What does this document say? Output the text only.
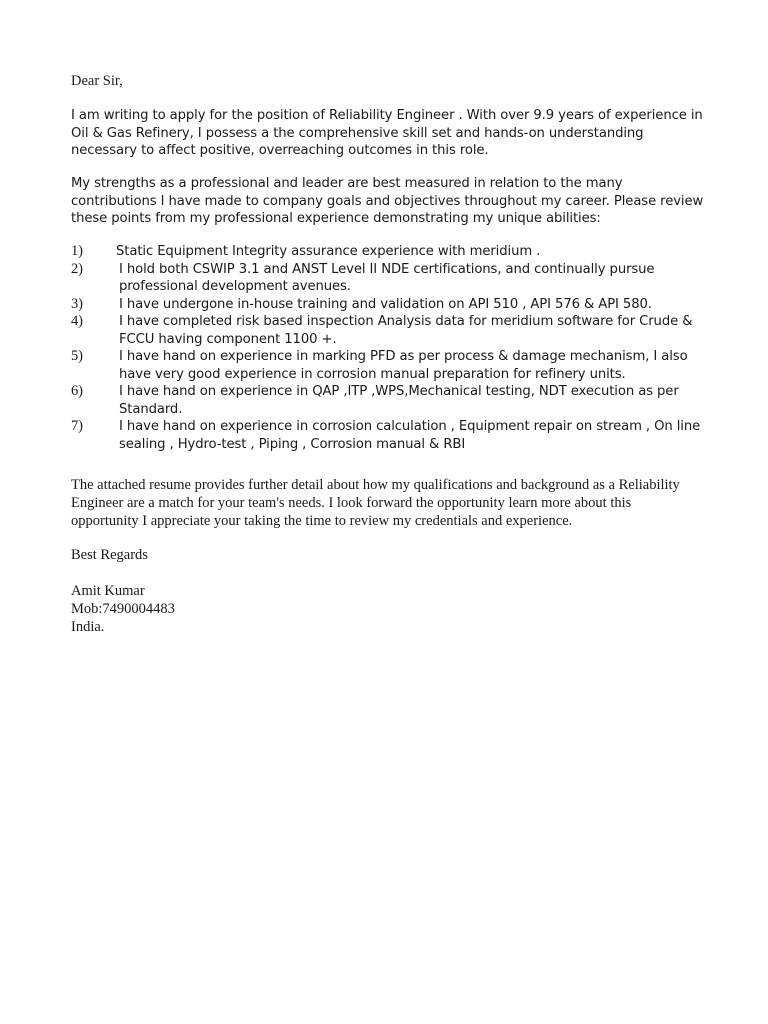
Dear Sir,
I am writing to apply for the position of Reliability Engineer . With over 9.9 years of experience in Oil & Gas Refinery, I possess a the comprehensive skill set and hands-on understanding necessary to affect positive, overreaching outcomes in this role.
My strengths as a professional and leader are best measured in relation to the many contributions I have made to company goals and objectives throughout my career. Please review these points from my professional experience demonstrating my unique abilities:
1)	Static Equipment Integrity assurance experience with meridium .
2)	I hold both CSWIP 3.1 and ANST Level II NDE certifications, and continually pursue professional development avenues.
3)	I have undergone in-house training and validation on API 510 , API 576 & API 580.
4)	I have completed risk based inspection Analysis data for meridium software for Crude & FCCU having component 1100 +.
5)	I have hand on experience in marking PFD as per process & damage mechanism, I also have very good experience in corrosion manual preparation for refinery units.
6)	I have hand on experience in QAP ,ITP ,WPS,Mechanical testing, NDT execution as per Standard.
7)	I have hand on experience in corrosion calculation , Equipment repair on stream , On line sealing , Hydro-test , Piping , Corrosion manual & RBI
The attached resume provides further detail about how my qualifications and background as a Reliability Engineer are a match for your team's needs. I look forward the opportunity learn more about this opportunity I appreciate your taking the time to review my credentials and experience.
Best Regards
Amit Kumar
Mob:7490004483
India.
